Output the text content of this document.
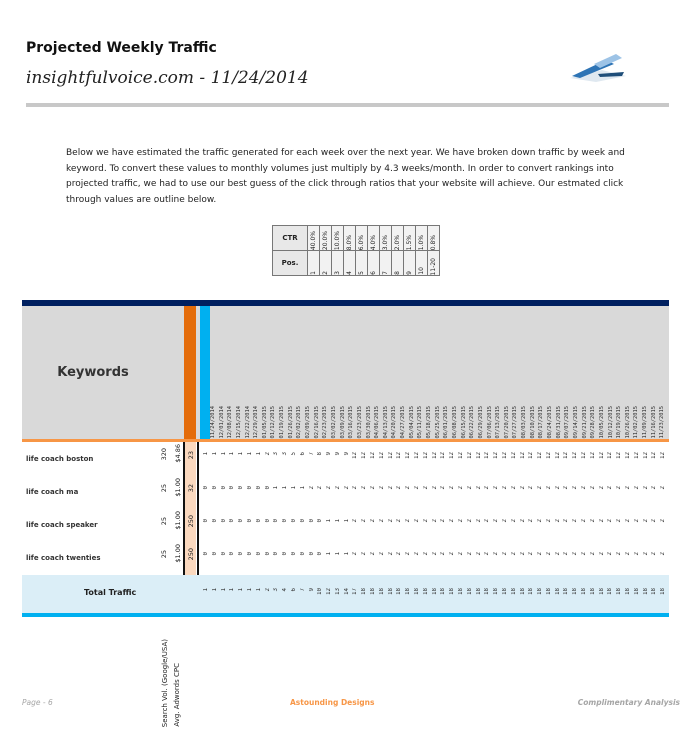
Projected Weekly Traffic
insightfulvoice.com - 11/24/2014
Below we have estimated the traffic generated for each week over the next year. We have broken down traffic by week and keyword. To convert these values to monthly volumes just multiply by 4.3 weeks/month. In order to convert rankings into projected traffic, we had to use our best guess of the click through ratios that your website will achieve. Our estmated click through values are outline below.
CTR	40.0%	20.0%	10.0%	8.0%	6.0%	4.0%	3.0%	2.0%	1.5%	1.0%	0.8%

Pos.	1	2	3	4	5	6	7	8	9	10	11-20
Keywords
Search Vol. (Google/USA) Avg. Adwords CPC Initial Ranking
11/24/2014 12/01/2014 12/08/2014 12/15/2014 12/22/2014 12/29/2014 01/05/2015 01/12/2015 01/19/2015 01/26/2015 02/02/2015 02/09/2015 02/16/2015 02/23/2015 03/02/2015 03/09/2015 03/16/2015 03/23/2015 03/30/2015 04/06/2015 04/13/2015 04/20/2015 04/27/2015 05/04/2015 05/11/2015 05/18/2015 05/25/2015 06/01/2015 06/08/2015 06/15/2015 06/22/2015 06/29/2015 07/06/2015 07/13/2015 07/20/2015 07/27/2015 08/03/2015 08/10/2015 08/17/2015 08/24/2015 08/31/2015 09/07/2015 09/14/2015 09/21/2015 09/28/2015 10/05/2015 10/12/2015 10/19/2015 10/26/2015 11/02/2015 11/09/2015 11/16/2015 11/23/2015
life coach boston	320 $4.86 23 1 1 1 1 1 1 1 2 3 3 5 6 7 8 9 9 9 12 12 12 12 12 12 12 12 12 12 12 12 12 12 12 12 12 12 12 12 12 12 12 12 12 12 12 12 12 12 12 12 12 12 12 12
life coach ma	25 $1.00 32 0 0 0 0 0 0 0 0 1 1 1 1 2 2 2 2 2 2 2 2 2 2 2 2 2 2 2 2 2 2 2 2 2 2 2 2 2 2 2 2 2 2 2 2 2 2 2 2 2 2 2 2 2
life coach speaker	25 $1.00 250 0 0 0 0 0 0 0 0 0 0 0 0 0 0 1 1 1 2 2 2 2 2 2 2 2 2 2 2 2 2 2 2 2 2 2 2 2 2 2 2 2 2 2 2 2 2 2 2 2 2 2 2 2
life coach twenties	25 $1.00 250 0 0 0 0 0 0 0 0 0 0 0 0 0 0 1 1 1 2 2 2 2 2 2 2 2 2 2 2 2 2 2 2 2 2 2 2 2 2 2 2 2 2 2 2 2 2 2 2 2 2 2 2 2
Total Traffic	1 1 1 1 1 1 1 2 3 4 6 7 9 10 12 13 14 17 18 18 18 18 18 18 18 18 18 18 18 18 18 18 18 18 18 18 18 18 18 18 18 18 18 18 18 18 18 18 18 18 18 18 18
Page - 6	Astounding Designs	Complimentary Analysis
